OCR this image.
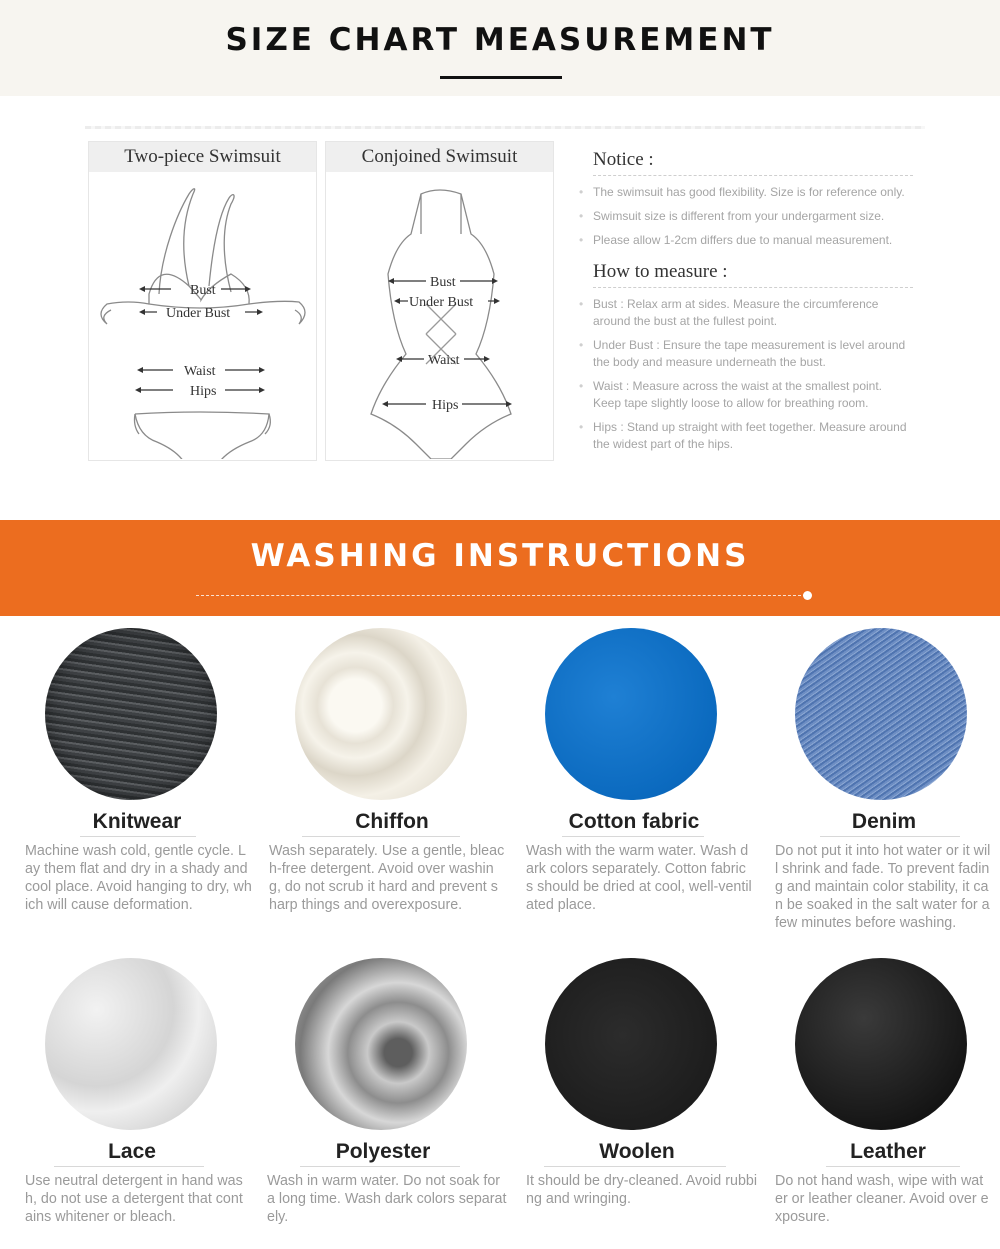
SIZE CHART MEASUREMENT
Two-piece Swimsuit
Bust
Under Bust
Waist
Hips
Conjoined Swimsuit
Bust
Under Bust
Waist
Hips
Notice :
• The swimsuit has good flexibility. Size is for reference only.
• Swimsuit size is different from your undergarment size.
• Please allow 1-2cm differs due to manual measurement.
How to measure :
• Bust : Relax arm at sides. Measure the circumference around the bust at the fullest point.
• Under Bust : Ensure the tape measurement is level around the body and measure underneath the bust.
• Waist : Measure across the waist at the smallest point. Keep tape slightly loose to allow for breathing room.
• Hips : Stand up straight with feet together. Measure around the widest part of the hips.
WASHING INSTRUCTIONS
Knitwear
Machine wash cold, gentle cycle. Lay them flat and dry in a shady and cool place. Avoid hanging to dry, which will cause deformation.
Chiffon
Wash separately. Use a gentle, bleach-free detergent. Avoid over washing, do not scrub it hard and prevent sharp things and overexposure.
Cotton fabric
Wash with the warm water. Wash dark colors separately. Cotton fabrics should be dried at cool, well-ventilated place.
Denim
Do not put it into hot water or it will shrink and fade. To prevent fading and maintain color stability, it can be soaked in the salt water for a few minutes before washing.
Lace
Use neutral detergent in hand wash, do not use a detergent that contains whitener or bleach.
Polyester
Wash in warm water. Do not soak for a long time. Wash dark colors separately.
Woolen
It should be dry-cleaned. Avoid rubbing and wringing.
Leather
Do not hand wash, wipe with water or leather cleaner. Avoid over exposure.
